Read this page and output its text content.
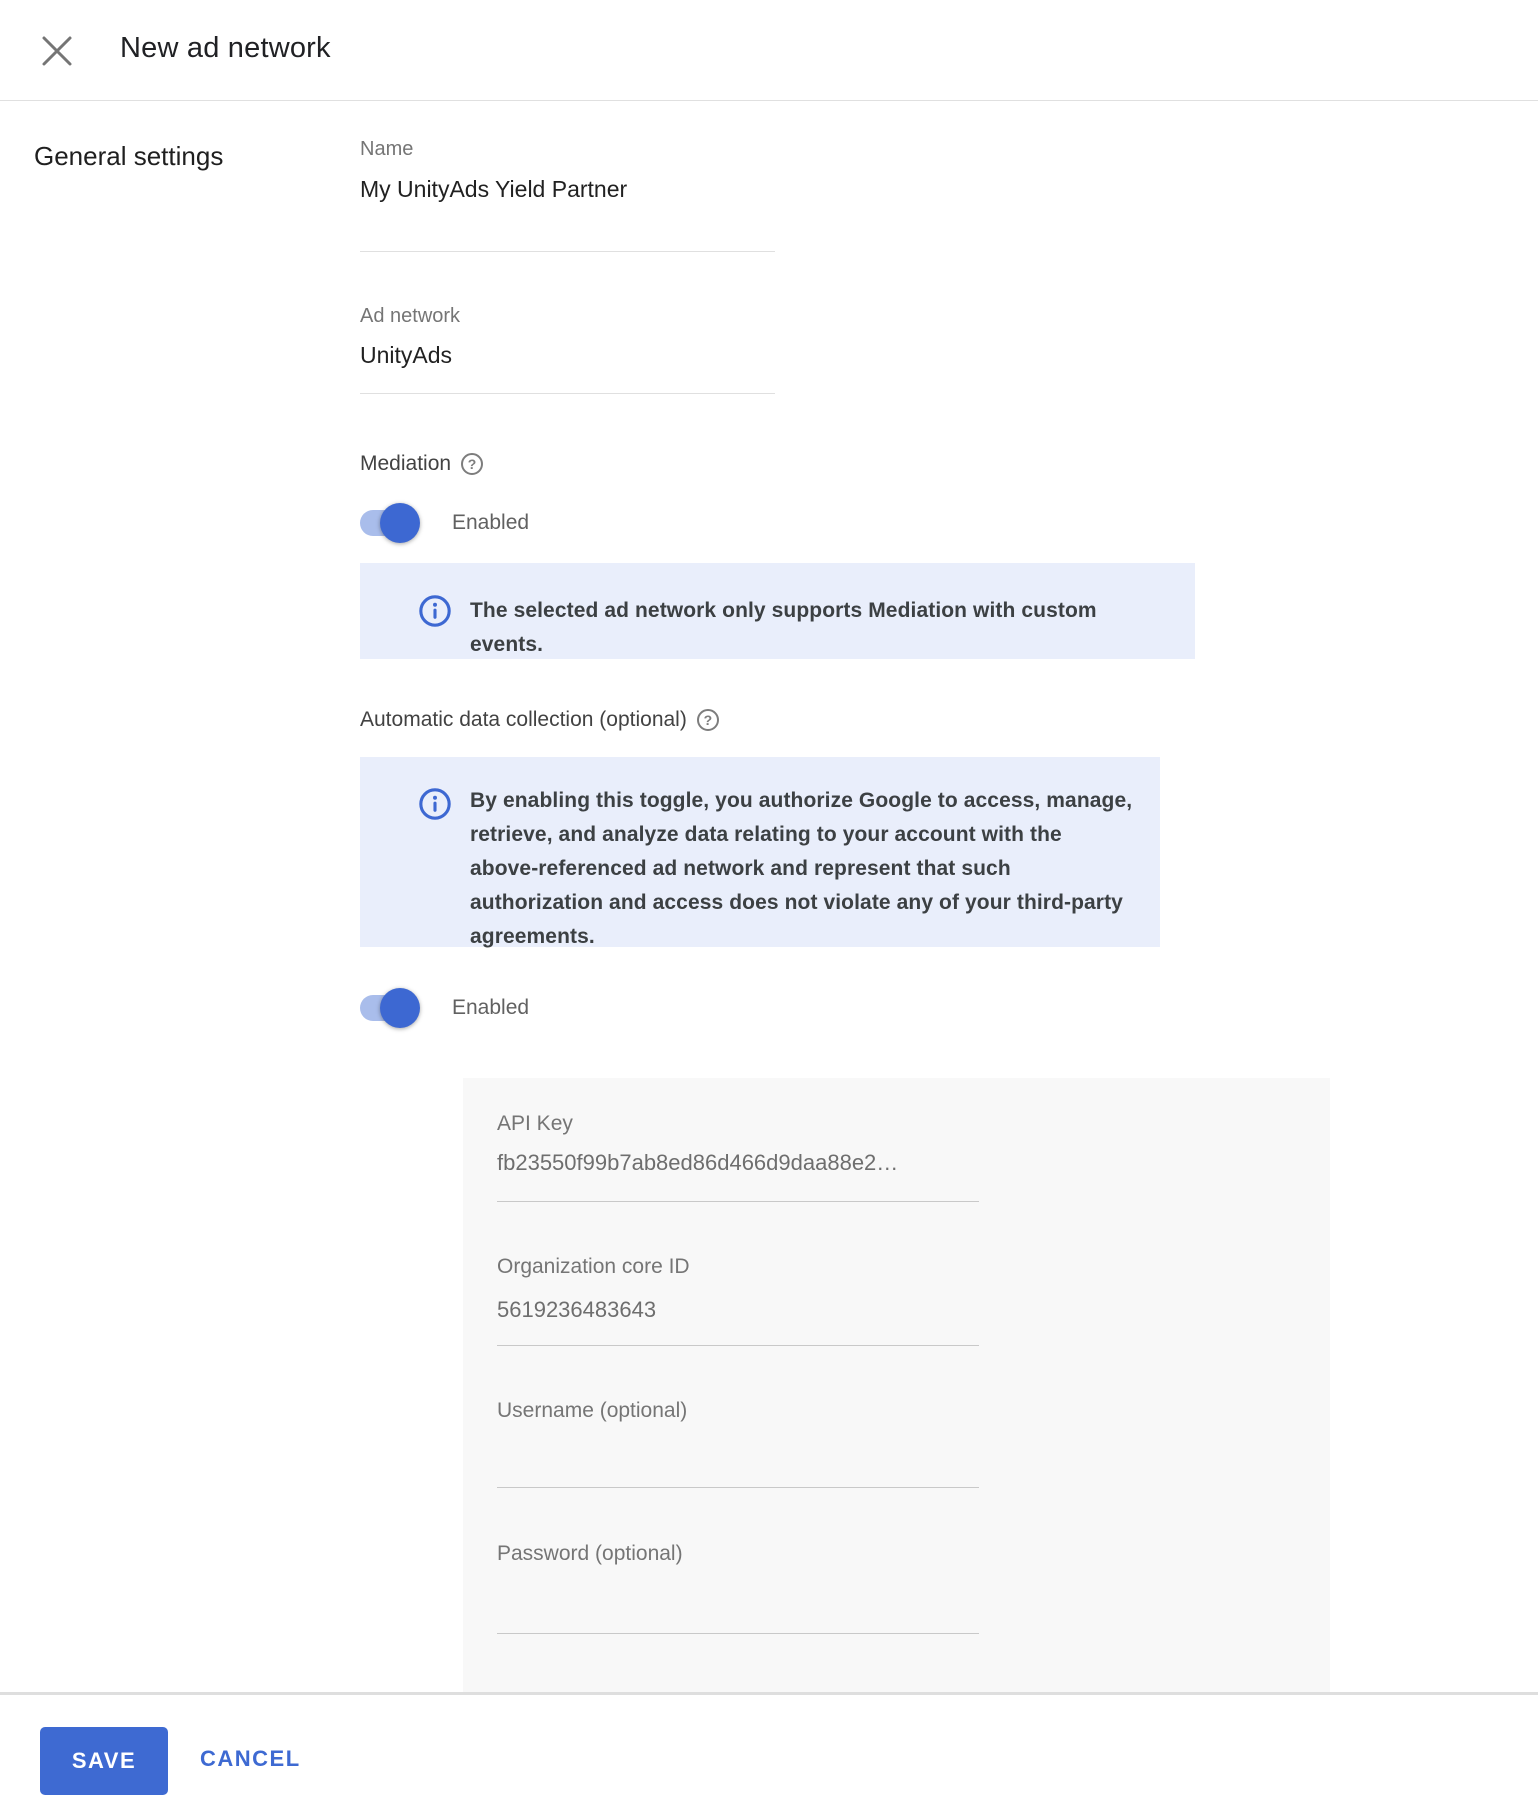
New ad network
General settings	Name
My UnityAds Yield Partner
Ad network
UnityAds
Mediation	?
Enabled
The selected ad network only supports Mediation with custom events.
Automatic data collection (optional)	?
By enabling this toggle, you authorize Google to access, manage, retrieve, and analyze data relating to your account with the above-referenced ad network and represent that such authorization and access does not violate any of your third-party agreements.
Enabled
API Key
fb23550f99b7ab8ed86d466d9daa88e2…
Organization core ID
5619236483643
Username (optional)
Password (optional)
SAVE	CANCEL
